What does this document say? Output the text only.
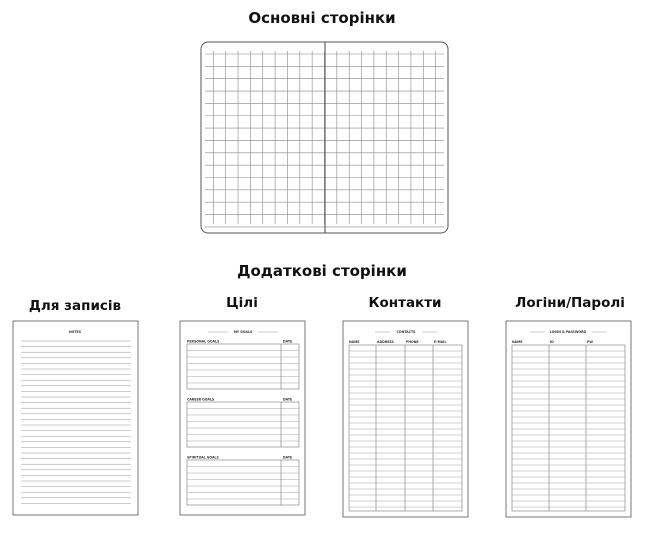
Основні сторінки
Додаткові сторінки
Для записів	Цілі	Контакти	Логіни/Паролі
NOTES	MY GOALS
PERSONAL GOALS	DATE
CAREER GOALS	DATE
SPIRITUAL GOALS	DATE
CONTACTS
NAME	ADDRESS	PHONE	E-MAIL
LOGIN & PASSWORD
NAME	ID	PW
